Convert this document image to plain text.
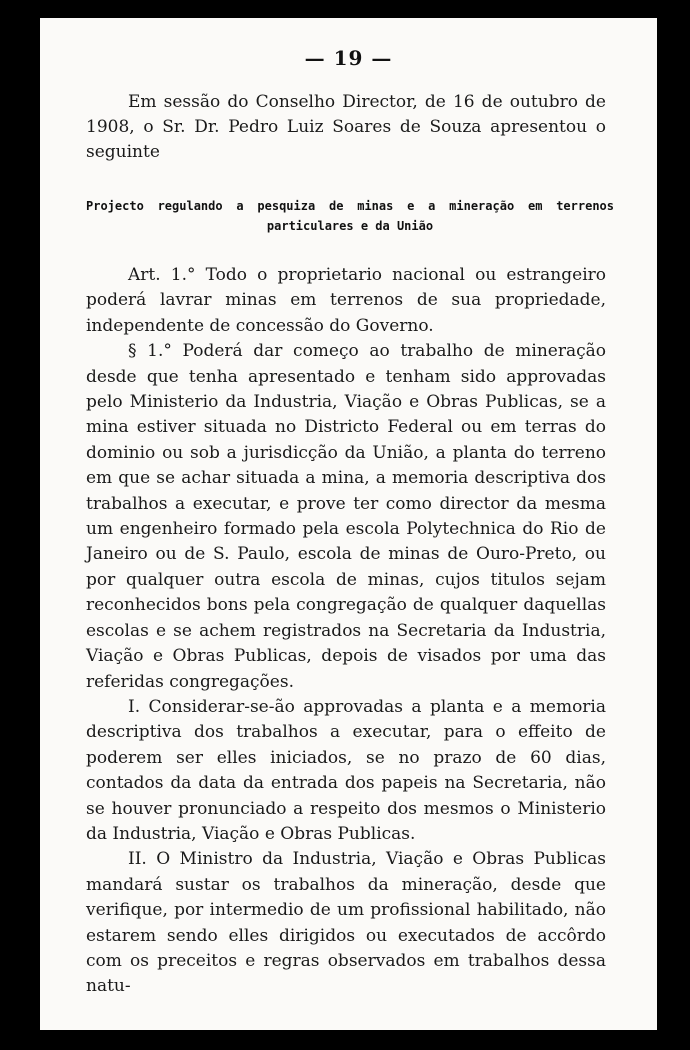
— 19 —

Em sessão do Conselho Director, de 16 de outubro de 1908, o Sr. Dr. Pedro Luiz Soares de Souza apresentou o seguinte

Projecto regulando a pesquiza de minas e a mineração em terrenos particulares e da União

Art. 1.° Todo o proprietario nacional ou estrangeiro poderá lavrar minas em terrenos de sua propriedade, independente de concessão do Governo.

§ 1.° Poderá dar começo ao trabalho de mineração desde que tenha apresentado e tenham sido approvadas pelo Ministerio da Industria, Viação e Obras Publicas, se a mina estiver situada no Districto Federal ou em terras do dominio ou sob a jurisdicção da União, a planta do terreno em que se achar situada a mina, a memoria descriptiva dos trabalhos a executar, e prove ter como director da mesma um engenheiro formado pela escola Polytechnica do Rio de Janeiro ou de S. Paulo, escola de minas de Ouro-Preto, ou por qualquer outra escola de minas, cujos titulos sejam reconhecidos bons pela congregação de qualquer daquellas escolas e se achem registrados na Secretaria da Industria, Viação e Obras Publicas, depois de visados por uma das referidas congregações.

I. Considerar-se-ão approvadas a planta e a memoria descriptiva dos trabalhos a executar, para o effeito de poderem ser elles iniciados, se no prazo de 60 dias, contados da data da entrada dos papeis na Secretaria, não se houver pronunciado a respeito dos mesmos o Ministerio da Industria, Viação e Obras Publicas.

II. O Ministro da Industria, Viação e Obras Publicas mandará sustar os trabalhos da mineração, desde que verifique, por intermedio de um profissional habilitado, não estarem sendo elles dirigidos ou executados de accôrdo com os preceitos e regras observados em trabalhos dessa natu-
